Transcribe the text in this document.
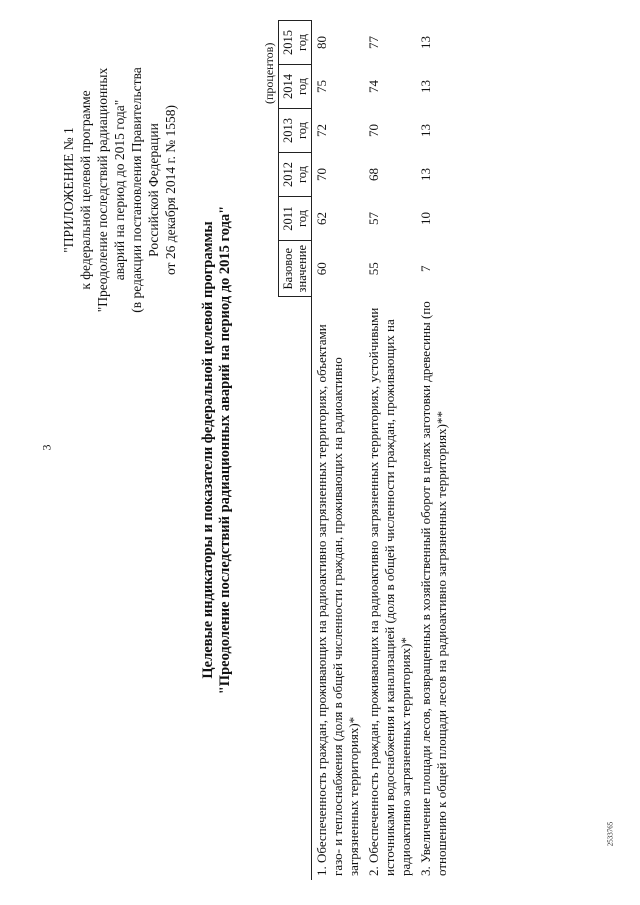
3
2533765
"ПРИЛОЖЕНИЕ № 1 к федеральной целевой программе "Преодоление последствий радиационных аварий на период до 2015 года" (в редакции постановления Правительства Российской Федерации от 26 декабря 2014 г. № 1558)
Целевые индикаторы и показатели федеральной целевой программы "Преодоление последствий радиационных аварий на период до 2015 года"
(процентов)
	Базовое значение	2011 год	2012 год	2013 год	2014 год	2015 год
1. Обеспеченность граждан, проживающих на радиоактивно загрязненных территориях, объектами газо- и теплоснабжения (доля в общей численности граждан, проживающих на радиоактивно загрязненных территориях)*	60	62	70	72	75	80
2. Обеспеченность граждан, проживающих на радиоактивно загрязненных территориях, устойчивыми источниками водоснабжения и канализацией (доля в общей численности граждан, проживающих на радиоактивно загрязненных территориях)*	55	57	68	70	74	77
3. Увеличение площади лесов, возвращенных в хозяйственный оборот в целях заготовки древесины (по отношению к общей площади лесов на радиоактивно загрязненных территориях)**	7	10	13	13	13	13
